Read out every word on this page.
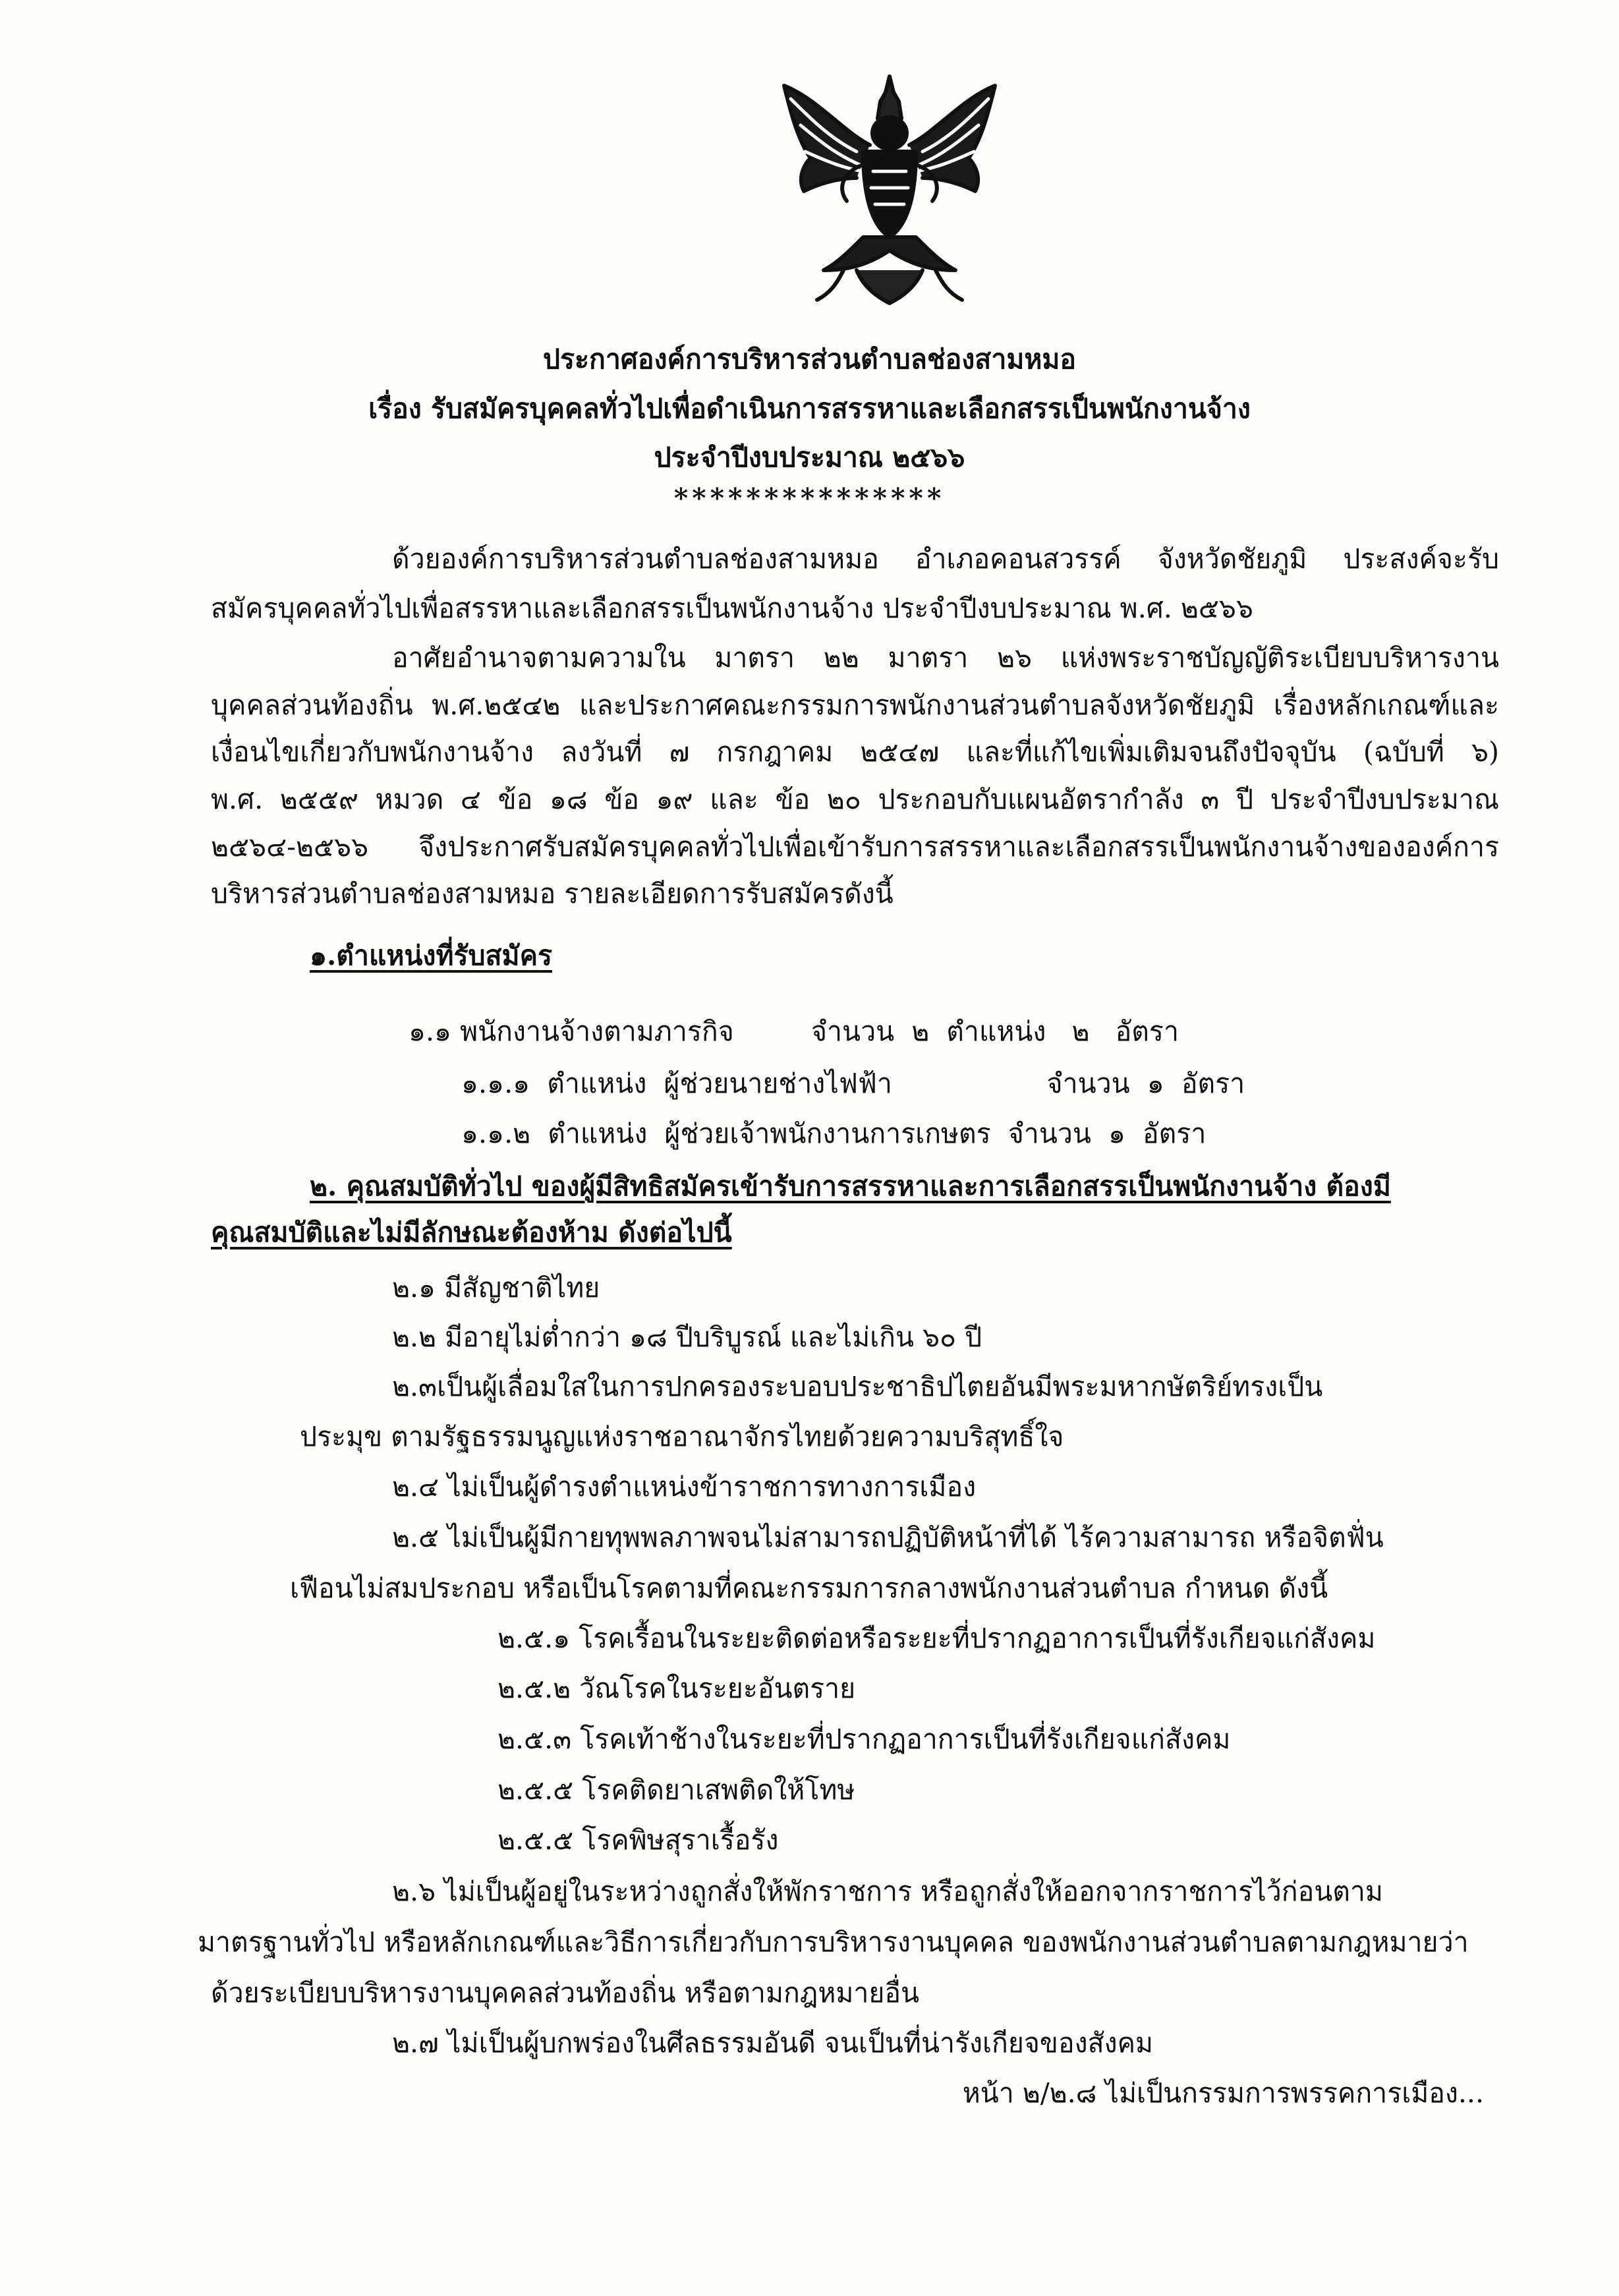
ประกาศองค์การบริหารส่วนตำบลช่องสามหมอ
เรื่อง รับสมัครบุคคลทั่วไปเพื่อดำเนินการสรรหาและเลือกสรรเป็นพนักงานจ้าง
ประจำปีงบประมาณ ๒๕๖๖
***************
ด้วยองค์การบริหารส่วนตำบลช่องสามหมอ อำเภอคอนสวรรค์ จังหวัดชัยภูมิ ประสงค์จะรับ
สมัครบุคคลทั่วไปเพื่อสรรหาและเลือกสรรเป็นพนักงานจ้าง ประจำปีงบประมาณ พ.ศ. ๒๕๖๖
อาศัยอำนาจตามความใน มาตรา ๒๒ มาตรา ๒๖ แห่งพระราชบัญญัติระเบียบบริหารงาน
บุคคลส่วนท้องถิ่น พ.ศ.๒๕๔๒ และประกาศคณะกรรมการพนักงานส่วนตำบลจังหวัดชัยภูมิ เรื่องหลักเกณฑ์และ
เงื่อนไขเกี่ยวกับพนักงานจ้าง ลงวันที่ ๗ กรกฎาคม ๒๕๔๗ และที่แก้ไขเพิ่มเติมจนถึงปัจจุบัน (ฉบับที่ ๖)
พ.ศ. ๒๕๕๙ หมวด ๔ ข้อ ๑๘ ข้อ ๑๙ และ ข้อ ๒๐ ประกอบกับแผนอัตรากำลัง ๓ ปี ประจำปีงบประมาณ
๒๕๖๔-๒๕๖๖ จึงประกาศรับสมัครบุคคลทั่วไปเพื่อเข้ารับการสรรหาและเลือกสรรเป็นพนักงานจ้างขององค์การ
บริหารส่วนตำบลช่องสามหมอ รายละเอียดการรับสมัครดังนี้
๑.ตำแหน่งที่รับสมัคร
๑.๑ พนักงานจ้างตามภารกิจ         จำนวน  ๒  ตำแหน่ง   ๒   อัตรา
๑.๑.๑  ตำแหน่ง  ผู้ช่วยนายช่างไฟฟ้า                  จำนวน  ๑  อัตรา
๑.๑.๒  ตำแหน่ง  ผู้ช่วยเจ้าพนักงานการเกษตร  จำนวน  ๑  อัตรา
๒. คุณสมบัติทั่วไป ของผู้มีสิทธิสมัครเข้ารับการสรรหาและการเลือกสรรเป็นพนักงานจ้าง ต้องมี
คุณสมบัติและไม่มีลักษณะต้องห้าม ดังต่อไปนี้
๒.๑ มีสัญชาติไทย
๒.๒ มีอายุไม่ต่ำกว่า ๑๘ ปีบริบูรณ์ และไม่เกิน ๖๐ ปี
๒.๓เป็นผู้เลื่อมใสในการปกครองระบอบประชาธิปไตยอันมีพระมหากษัตริย์ทรงเป็น
ประมุข ตามรัฐธรรมนูญแห่งราชอาณาจักรไทยด้วยความบริสุทธิ์ใจ
๒.๔ ไม่เป็นผู้ดำรงตำแหน่งข้าราชการทางการเมือง
๒.๕ ไม่เป็นผู้มีกายทุพพลภาพจนไม่สามารถปฏิบัติหน้าที่ได้ ไร้ความสามารถ หรือจิตฟั่น
เฟือนไม่สมประกอบ หรือเป็นโรคตามที่คณะกรรมการกลางพนักงานส่วนตำบล กำหนด ดังนี้
๒.๕.๑ โรคเรื้อนในระยะติดต่อหรือระยะที่ปรากฏอาการเป็นที่รังเกียจแก่สังคม
๒.๕.๒ วัณโรคในระยะอันตราย
๒.๕.๓ โรคเท้าช้างในระยะที่ปรากฏอาการเป็นที่รังเกียจแก่สังคม
๒.๕.๕ โรคติดยาเสพติดให้โทษ
๒.๕.๕ โรคพิษสุราเรื้อรัง
๒.๖ ไม่เป็นผู้อยู่ในระหว่างถูกสั่งให้พักราชการ หรือถูกสั่งให้ออกจากราชการไว้ก่อนตาม
มาตรฐานทั่วไป หรือหลักเกณฑ์และวิธีการเกี่ยวกับการบริหารงานบุคคล ของพนักงานส่วนตำบลตามกฎหมายว่า
ด้วยระเบียบบริหารงานบุคคลส่วนท้องถิ่น หรือตามกฎหมายอื่น
๒.๗ ไม่เป็นผู้บกพร่องในศีลธรรมอันดี จนเป็นที่น่ารังเกียจของสังคม
หน้า ๒/๒.๘ ไม่เป็นกรรมการพรรคการเมือง...
